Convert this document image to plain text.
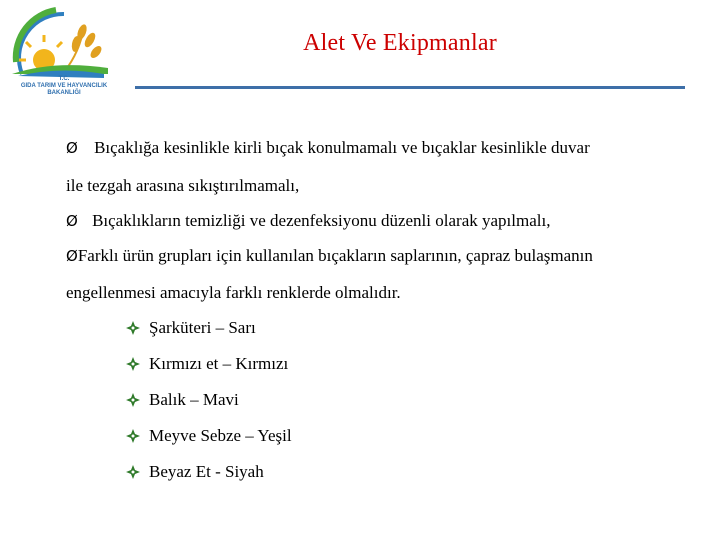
T.C.
GIDA TARIM VE HAYVANCILIK
BAKANLIĞI
Alet Ve Ekipmanlar
Ø Bıçaklığa kesinlikle kirli bıçak konulmamalı ve bıçaklar kesinlikle duvar
ile tezgah arasına sıkıştırılmamalı,
Ø Bıçaklıkların temizliği ve dezenfeksiyonu düzenli olarak yapılmalı,
ØFarklı ürün grupları için kullanılan bıçakların saplarının, çapraz bulaşmanın
engellenmesi amacıyla farklı renklerde olmalıdır.
Şarküteri – Sarı
Kırmızı et – Kırmızı
Balık – Mavi
Meyve Sebze – Yeşil
Beyaz Et - Siyah
